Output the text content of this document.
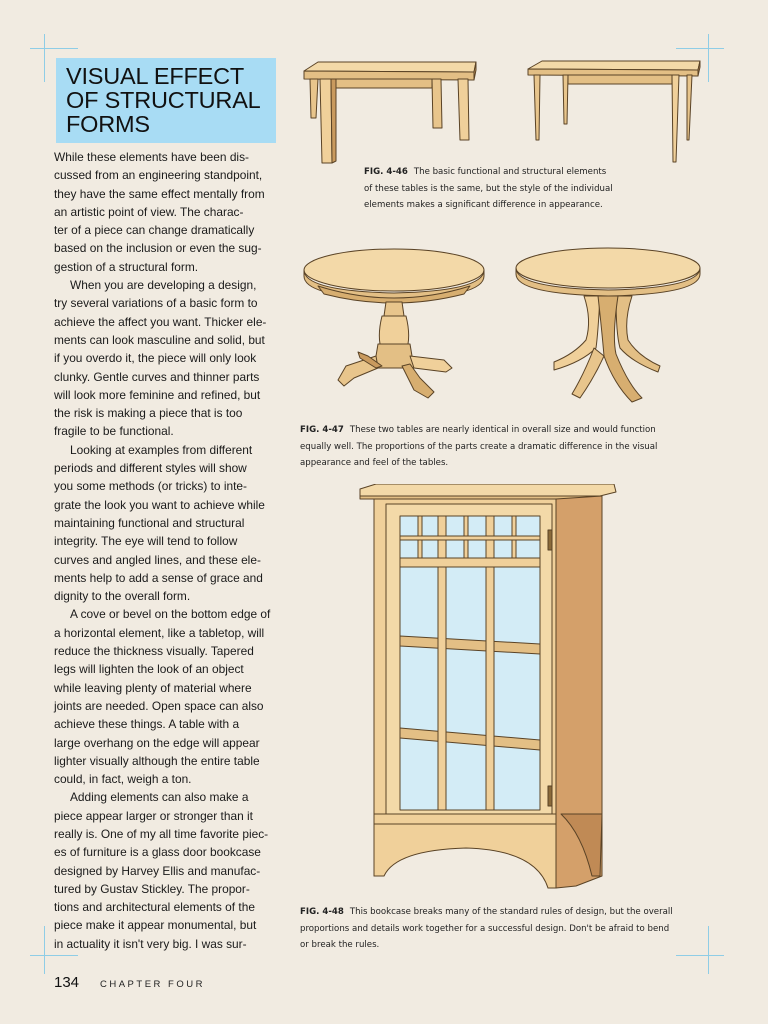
VISUAL EFFECT
OF STRUCTURAL
FORMS
While these elements have been dis-
cussed from an engineering standpoint,
they have the same effect mentally from
an artistic point of view. The charac-
ter of a piece can change dramatically
based on the inclusion or even the sug-
gestion of a structural form.
When you are developing a design,
try several variations of a basic form to
achieve the affect you want. Thicker ele-
ments can look masculine and solid, but
if you overdo it, the piece will only look
clunky. Gentle curves and thinner parts
will look more feminine and refined, but
the risk is making a piece that is too
fragile to be functional.
Looking at examples from different
periods and different styles will show
you some methods (or tricks) to inte-
grate the look you want to achieve while
maintaining functional and structural
integrity. The eye will tend to follow
curves and angled lines, and these ele-
ments help to add a sense of grace and
dignity to the overall form.
A cove or bevel on the bottom edge of
a horizontal element, like a tabletop, will
reduce the thickness visually. Tapered
legs will lighten the look of an object
while leaving plenty of material where
joints are needed. Open space can also
achieve these things. A table with a
large overhang on the edge will appear
lighter visually although the entire table
could, in fact, weigh a ton.
Adding elements can also make a
piece appear larger or stronger than it
really is. One of my all time favorite piec-
es of furniture is a glass door bookcase
designed by Harvey Ellis and manufac-
tured by Gustav Stickley. The propor-
tions and architectural elements of the
piece make it appear monumental, but
in actuality it isn't very big. I was sur-
FIG. 4-46 The basic functional and structural elements
of these tables is the same, but the style of the individual
elements makes a significant difference in appearance.
FIG. 4-47 These two tables are nearly identical in overall size and would function
equally well. The proportions of the parts create a dramatic difference in the visual
appearance and feel of the tables.
FIG. 4-48 This bookcase breaks many of the standard rules of design, but the overall
proportions and details work together for a successful design. Don't be afraid to bend
or break the rules.
134 CHAPTER FOUR
